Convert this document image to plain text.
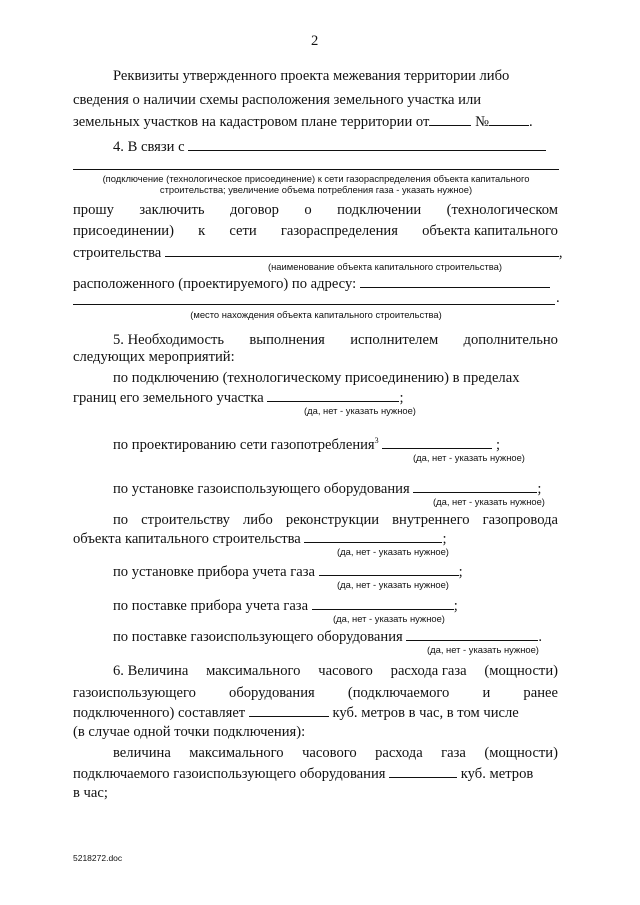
2
Реквизиты утвержденного проекта межевания территории либо
сведения о наличии схемы расположения земельного участка или
земельных участков на кадастровом плане территории от	№	.
4. В связи с
(подключение (технологическое присоединение) к сети газораспределения объекта капитального
строительства; увеличение объема потребления газа - указать нужное)
прошу заключить договор о подключении (технологическом
присоединении) к сети газораспределения объекта капитального
строительства	,
(наименование объекта капитального строительства)
расположенного (проектируемого) по адресу:
.
(место нахождения объекта капитального строительства)
5. Необходимость выполнения исполнителем дополнительно
следующих мероприятий:
по подключению (технологическому присоединению) в пределах
границ его земельного участка	;
(да, нет - указать нужное)
по проектированию сети газопотребления$^3$	;
(да, нет - указать нужное)
по установке газоиспользующего оборудования	;
(да, нет - указать нужное)
по строительству либо реконструкции внутреннего газопровода
объекта капитального строительства	;
(да, нет - указать нужное)
по установке прибора учета газа	;
(да, нет - указать нужное)
по поставке прибора учета газа	;
(да, нет - указать нужное)
по поставке газоиспользующего оборудования	.
(да, нет - указать нужное)
6. Величина максимального часового расхода газа (мощности)
газоиспользующего оборудования (подключаемого и ранее
подключенного) составляет	куб. метров в час, в том числе
(в случае одной точки подключения):
величина максимального часового расхода газа (мощности)
подключаемого газоиспользующего оборудования	куб. метров
в час;
5218272.doc
